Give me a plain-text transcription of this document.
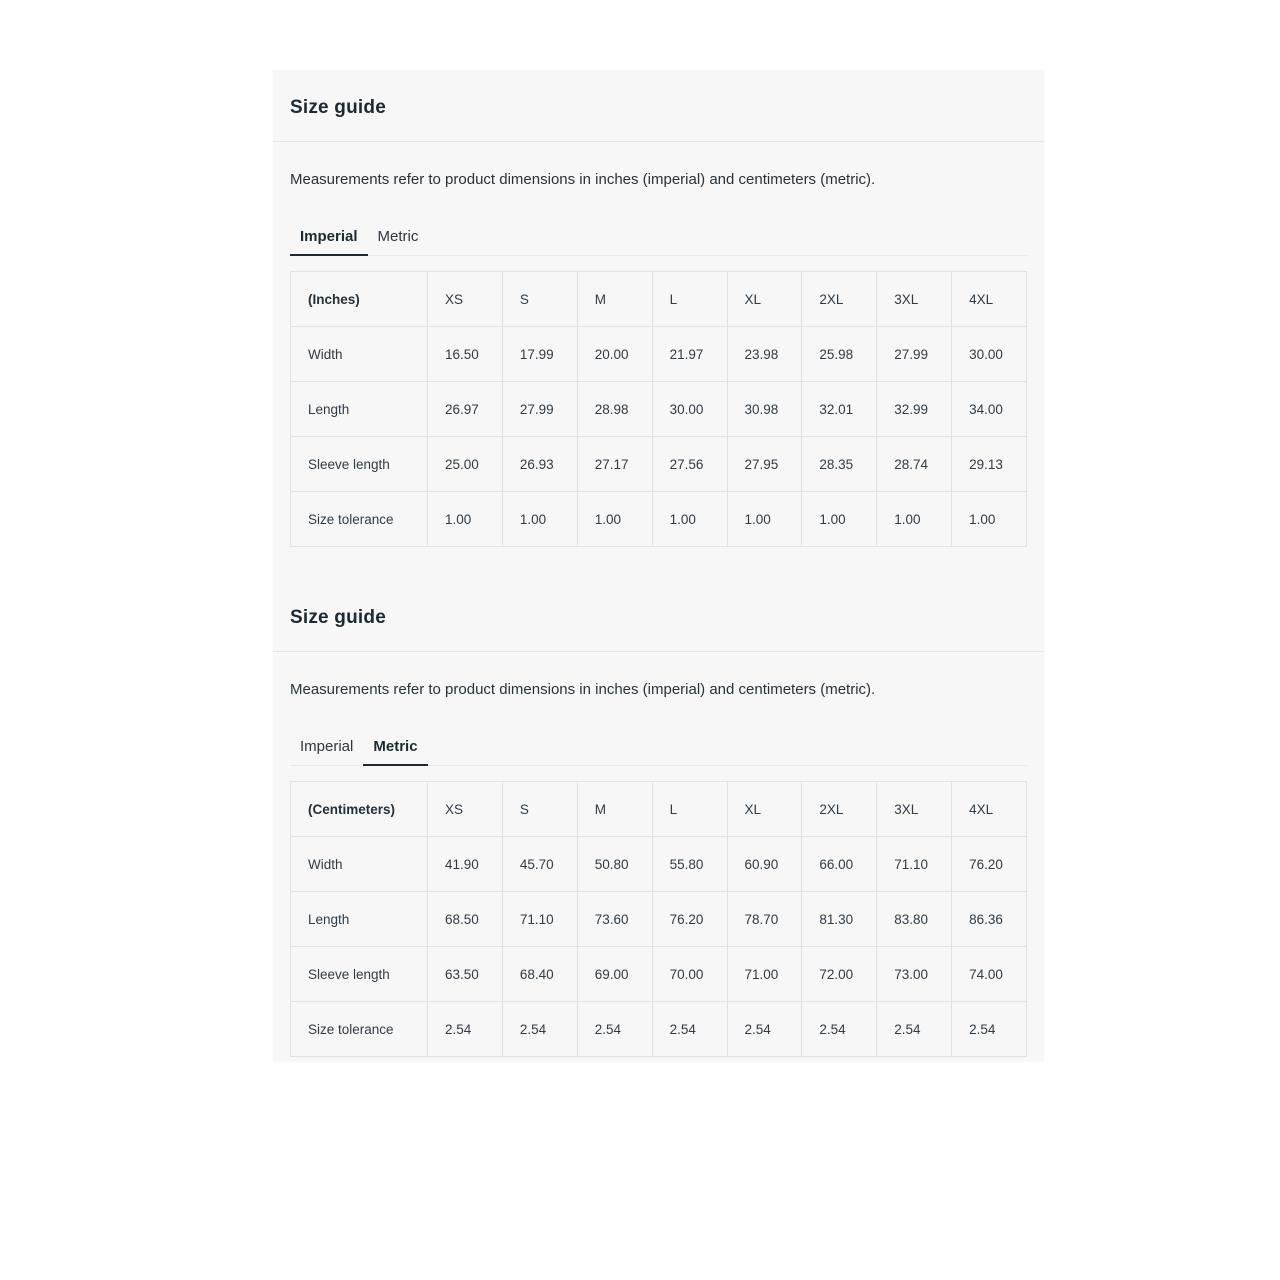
Size guide

Measurements refer to product dimensions in inches (imperial) and centimeters (metric).

Imperial	Metric
(Inches)	XS	S	M	L	XL	2XL	3XL	4XL
Width	16.50	17.99	20.00	21.97	23.98	25.98	27.99	30.00
Length	26.97	27.99	28.98	30.00	30.98	32.01	32.99	34.00
Sleeve length	25.00	26.93	27.17	27.56	27.95	28.35	28.74	29.13
Size tolerance	1.00	1.00	1.00	1.00	1.00	1.00	1.00	1.00
Size guide

Measurements refer to product dimensions in inches (imperial) and centimeters (metric).

Imperial	Metric
(Centimeters)	XS	S	M	L	XL	2XL	3XL	4XL
Width	41.90	45.70	50.80	55.80	60.90	66.00	71.10	76.20
Length	68.50	71.10	73.60	76.20	78.70	81.30	83.80	86.36
Sleeve length	63.50	68.40	69.00	70.00	71.00	72.00	73.00	74.00
Size tolerance	2.54	2.54	2.54	2.54	2.54	2.54	2.54	2.54
